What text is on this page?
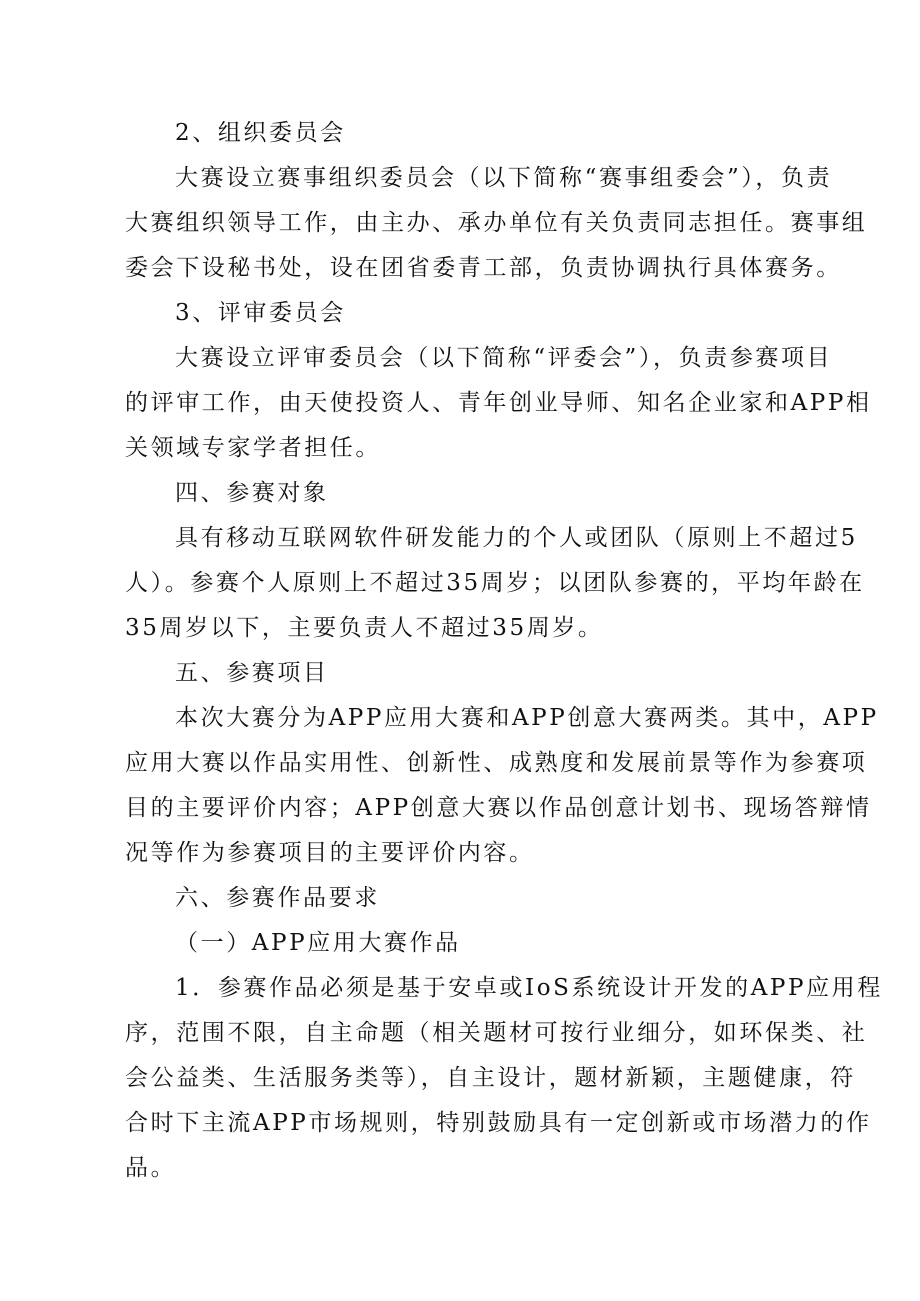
2、组织委员会
大赛设立赛事组织委员会（以下简称“赛事组委会”），负责
大赛组织领导工作，由主办、承办单位有关负责同志担任。赛事组
委会下设秘书处，设在团省委青工部，负责协调执行具体赛务。
3、评审委员会
大赛设立评审委员会（以下简称“评委会”），负责参赛项目
的评审工作，由天使投资人、青年创业导师、知名企业家和APP相
关领域专家学者担任。
四、参赛对象
具有移动互联网软件研发能力的个人或团队（原则上不超过5
人）。参赛个人原则上不超过35周岁；以团队参赛的，平均年龄在
35周岁以下，主要负责人不超过35周岁。
五、参赛项目
本次大赛分为APP应用大赛和APP创意大赛两类。其中，APP
应用大赛以作品实用性、创新性、成熟度和发展前景等作为参赛项
目的主要评价内容；APP创意大赛以作品创意计划书、现场答辩情
况等作为参赛项目的主要评价内容。
六、参赛作品要求
（一）APP应用大赛作品
1．参赛作品必须是基于安卓或IoS系统设计开发的APP应用程
序，范围不限，自主命题（相关题材可按行业细分，如环保类、社
会公益类、生活服务类等），自主设计，题材新颖，主题健康，符
合时下主流APP市场规则，特别鼓励具有一定创新或市场潜力的作
品。
